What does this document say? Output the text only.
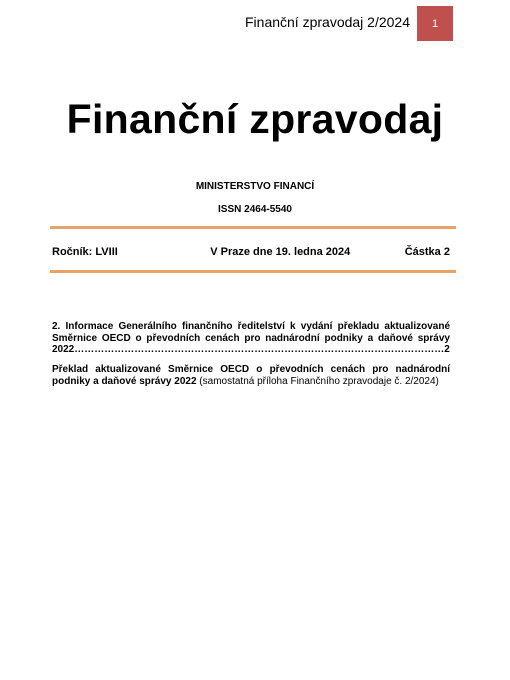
Finanční zpravodaj 2/2024	1
Finanční zpravodaj
MINISTERSTVO FINANCÍ
ISSN 2464-5540
Ročník: LVIII	V Praze dne 19. ledna 2024	Částka 2
2. Informace Generálního finančního ředitelství k vydání překladu aktualizované Směrnice OECD o převodních cenách pro nadnárodní podniky a daňové správy 2022…………………………………………………………………………………………………2
Překlad aktualizované Směrnice OECD o převodních cenách pro nadnárodní podniky a daňové správy 2022 (samostatná příloha Finančního zpravodaje č. 2/2024)
